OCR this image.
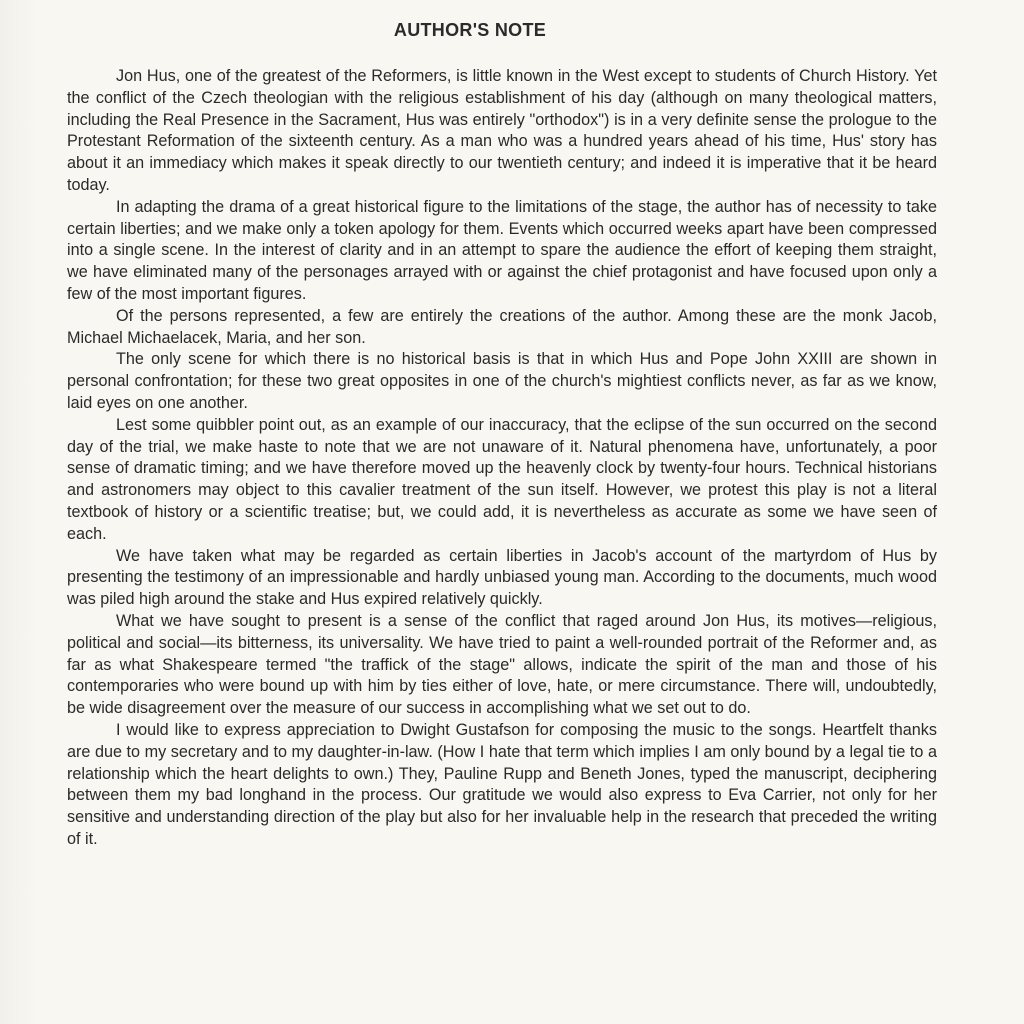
AUTHOR'S NOTE

Jon Hus, one of the greatest of the Reformers, is little known in the West except to students of Church History. Yet the conflict of the Czech theologian with the religious establishment of his day (although on many theological matters, including the Real Presence in the Sacrament, Hus was entirely "orthodox") is in a very definite sense the prologue to the Protestant Reformation of the sixteenth century. As a man who was a hundred years ahead of his time, Hus' story has about it an immediacy which makes it speak directly to our twentieth century; and indeed it is imperative that it be heard today.

In adapting the drama of a great historical figure to the limitations of the stage, the author has of necessity to take certain liberties; and we make only a token apology for them. Events which occurred weeks apart have been compressed into a single scene. In the interest of clarity and in an attempt to spare the audience the effort of keeping them straight, we have eliminated many of the personages arrayed with or against the chief protagonist and have focused upon only a few of the most important figures.

Of the persons represented, a few are entirely the creations of the author. Among these are the monk Jacob, Michael Michaelacek, Maria, and her son.

The only scene for which there is no historical basis is that in which Hus and Pope John XXIII are shown in personal confrontation; for these two great opposites in one of the church's mightiest conflicts never, as far as we know, laid eyes on one another.

Lest some quibbler point out, as an example of our inaccuracy, that the eclipse of the sun occurred on the second day of the trial, we make haste to note that we are not unaware of it. Natural phenomena have, unfortunately, a poor sense of dramatic timing; and we have therefore moved up the heavenly clock by twenty-four hours. Technical historians and astronomers may object to this cavalier treatment of the sun itself. However, we protest this play is not a literal textbook of history or a scientific treatise; but, we could add, it is nevertheless as accurate as some we have seen of each.

We have taken what may be regarded as certain liberties in Jacob's account of the martyrdom of Hus by presenting the testimony of an impressionable and hardly unbiased young man. According to the documents, much wood was piled high around the stake and Hus expired relatively quickly.

What we have sought to present is a sense of the conflict that raged around Jon Hus, its motives—religious, political and social—its bitterness, its universality. We have tried to paint a well-rounded portrait of the Reformer and, as far as what Shakespeare termed "the traffick of the stage" allows, indicate the spirit of the man and those of his contemporaries who were bound up with him by ties either of love, hate, or mere circumstance. There will, undoubtedly, be wide disagreement over the measure of our success in accomplishing what we set out to do.

I would like to express appreciation to Dwight Gustafson for composing the music to the songs. Heartfelt thanks are due to my secretary and to my daughter-in-law. (How I hate that term which implies I am only bound by a legal tie to a relationship which the heart delights to own.) They, Pauline Rupp and Beneth Jones, typed the manuscript, deciphering between them my bad longhand in the process. Our gratitude we would also express to Eva Carrier, not only for her sensitive and understanding direction of the play but also for her invaluable help in the research that preceded the writing of it.
